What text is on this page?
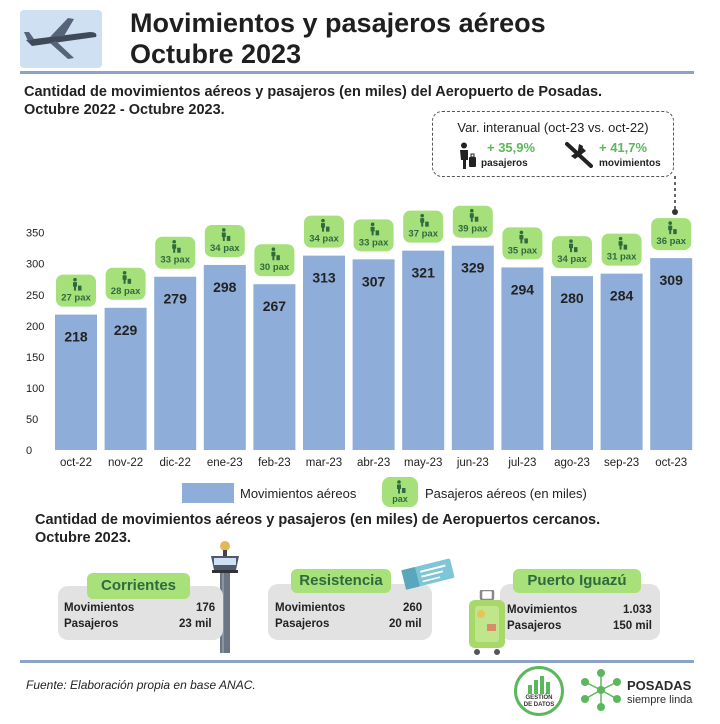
Movimientos y pasajeros aéreos
Octubre 2023
Cantidad de movimientos aéreos y pasajeros (en miles) del Aeropuerto de Posadas.
Octubre 2022 - Octubre 2023.
Var. interanual (oct-23 vs. oct-22)
+ 35,9%
pasajeros
+ 41,7%
movimientos
0
50
100
150
200
250
300
350
218
oct-22
27 pax
229
nov-22
28 pax 279
dic-22
33 pax
298
ene-23
34 pax
267
feb-23
30 pax
313
mar-23
34 pax
307
abr-23
33 pax
321
may-23
37 pax
329
jun-23
39 pax
294
jul-23
35 pax
280
ago-23
34 pax
284
sep-23
31 pax
309
oct-23
36 pax
Movimientos aéreos	pax	Pasajeros aéreos (en miles)
Cantidad de movimientos aéreos y pasajeros (en miles) de Aeropuertos cercanos.
Octubre 2023.
Corrientes
Movimientos	176
Pasajeros	23 mil
Resistencia
Movimientos	260
Pasajeros	20 mil
Puerto Iguazú
Movimientos	1.033
Pasajeros	150 mil
Fuente: Elaboración propia en base ANAC.
GESTIÓN
DE DATOS
POSADAS
siempre linda
